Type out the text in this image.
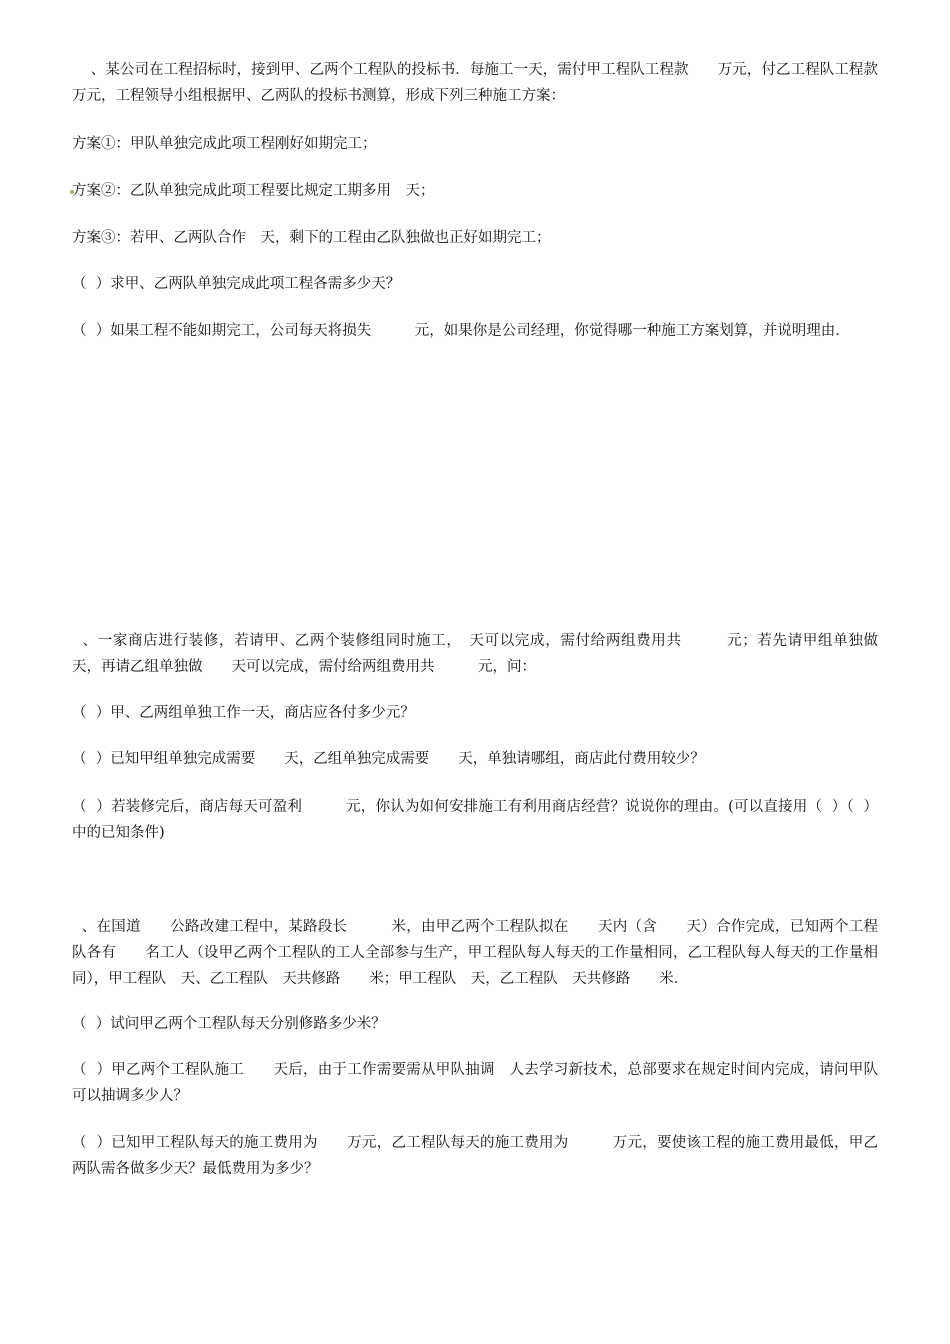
、某公司在工程招标时，接到甲、乙两个工程队的投标书．每施工一天，需付甲工程队工程款　　万元，付乙工程队工程款　　万元，工程领导小组根据甲、乙两队的投标书测算，形成下列三种施工方案：

方案①：甲队单独完成此项工程刚好如期完工；

方案②：乙队单独完成此项工程要比规定工期多用　天；

方案③：若甲、乙两队合作　天，剩下的工程由乙队独做也正好如期完工；

（  ）求甲、乙两队单独完成此项工程各需多少天？

（  ）如果工程不能如期完工，公司每天将损失　　　元，如果你是公司经理，你觉得哪一种施工方案划算，并说明理由．

、一家商店进行装修，若请甲、乙两个装修组同时施工，　天可以完成，需付给两组费用共　　　元；若先请甲组单独做　天，再请乙组单独做　　天可以完成，需付给两组费用共　　　元，问：

（  ）甲、乙两组单独工作一天，商店应各付多少元？

（  ）已知甲组单独完成需要　　天，乙组单独完成需要　　天，单独请哪组，商店此付费用较少？

（  ）若装修完后，商店每天可盈利　　　元，你认为如何安排施工有利用商店经营？说说你的理由。(可以直接用（  ）（  ）中的已知条件)

、在国道　　公路改建工程中，某路段长　　　米，由甲乙两个工程队拟在　　天内（含　　天）合作完成，已知两个工程队各有　　名工人（设甲乙两个工程队的工人全部参与生产，甲工程队每人每天的工作量相同，乙工程队每人每天的工作量相同），甲工程队　天、乙工程队　天共修路　　米；甲工程队　天，乙工程队　天共修路　　米．

（  ）试问甲乙两个工程队每天分别修路多少米？

（  ）甲乙两个工程队施工　　天后，由于工作需要需从甲队抽调　人去学习新技术，总部要求在规定时间内完成，请问甲队可以抽调多少人？

（  ）已知甲工程队每天的施工费用为　　万元，乙工程队每天的施工费用为　　　万元，要使该工程的施工费用最低，甲乙两队需各做多少天？最低费用为多少？
